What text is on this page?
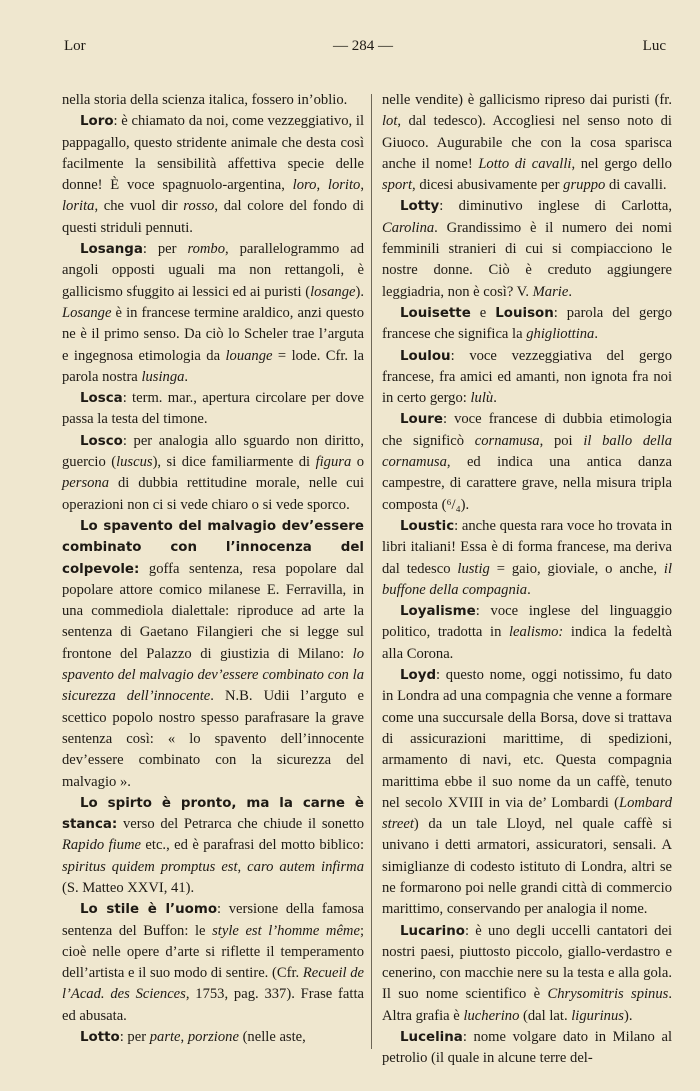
Lor	— 284 —	Luc

nella storia della scienza italica, fossero in’oblio.

Loro: è chiamato da noi, come vezzeggiativo, il pappagallo, questo stridente animale che desta così facilmente la sensibilità affettiva specie delle donne! È voce spagnuolo-argentina, loro, lorito, lorita, che vuol dir rosso, dal colore del fondo di questi striduli pennuti.

Losanga: per rombo, parallelogrammo ad angoli opposti uguali ma non rettangoli, è gallicismo sfuggito ai lessici ed ai puristi (losange). Losange è in francese termine araldico, anzi questo ne è il primo senso. Da ciò lo Scheler trae l’arguta e ingegnosa etimologia da louange = lode. Cfr. la parola nostra lusinga.

Losca: term. mar., apertura circolare per dove passa la testa del timone.

Losco: per analogia allo sguardo non diritto, guercio (luscus), si dice familiarmente di figura o persona di dubbia rettitudine morale, nelle cui operazioni non ci si vede chiaro o si vede sporco.

Lo spavento del malvagio dev’essere combinato con l’innocenza del colpevole: goffa sentenza, resa popolare dal popolare attore comico milanese E. Ferravilla, in una commediola dialettale: riproduce ad arte la sentenza di Gaetano Filangieri che si legge sul frontone del Palazzo di giustizia di Milano: lo spavento del malvagio dev’essere combinato con la sicurezza dell’innocente. N.B. Udii l’arguto e scettico popolo nostro spesso parafrasare la grave sentenza così: « lo spavento dell’innocente dev’essere combinato con la sicurezza del malvagio ».

Lo spirto è pronto, ma la carne è stanca: verso del Petrarca che chiude il sonetto Rapido fiume etc., ed è parafrasi del motto biblico: spiritus quidem promptus est, caro autem infirma (S. Matteo XXVI, 41).

Lo stile è l’uomo: versione della famosa sentenza del Buffon: le style est l’homme même; cioè nelle opere d’arte si riflette il temperamento dell’artista e il suo modo di sentire. (Cfr. Recueil de l’Acad. des Sciences, 1753, pag. 337). Frase fatta ed abusata.

Lotto: per parte, porzione (nelle aste,

nelle vendite) è gallicismo ripreso dai puristi (fr. lot, dal tedesco). Accogliesi nel senso noto di Giuoco. Augurabile che con la cosa sparisca anche il nome! Lotto di cavalli, nel gergo dello sport, dicesi abusivamente per gruppo di cavalli.

Lotty: diminutivo inglese di Carlotta, Carolina. Grandissimo è il numero dei nomi femminili stranieri di cui si compiacciono le nostre donne. Ciò è creduto aggiungere leggiadria, non è così? V. Marie.

Louisette e Louison: parola del gergo francese che significa la ghigliottina.

Loulou: voce vezzeggiativa del gergo francese, fra amici ed amanti, non ignota fra noi in certo gergo: lulù.

Loure: voce francese di dubbia etimologia che significò cornamusa, poi il ballo della cornamusa, ed indica una antica danza campestre, di carattere grave, nella misura tripla composta (⁶/₄).

Loustic: anche questa rara voce ho trovata in libri italiani! Essa è di forma francese, ma deriva dal tedesco lustig = gaio, gioviale, o anche, il buffone della compagnia.

Loyalisme: voce inglese del linguaggio politico, tradotta in lealismo: indica la fedeltà alla Corona.

Loyd: questo nome, oggi notissimo, fu dato in Londra ad una compagnia che venne a formare come una succursale della Borsa, dove si trattava di assicurazioni marittime, di spedizioni, armamento di navi, etc. Questa compagnia marittima ebbe il suo nome da un caffè, tenuto nel secolo XVIII in via de’ Lombardi (Lombard street) da un tale Lloyd, nel quale caffè si univano i detti armatori, assicuratori, sensali. A simiglianze di codesto istituto di Londra, altri se ne formarono poi nelle grandi città di commercio marittimo, conservando per analogia il nome.

Lucarino: è uno degli uccelli cantatori dei nostri paesi, piuttosto piccolo, giallo-verdastro e cenerino, con macchie nere su la testa e alla gola. Il suo nome scientifico è Chrysomitris spinus. Altra grafia è lucherino (dal lat. ligurinus).

Lucelina: nome volgare dato in Milano al petrolio (il quale in alcune terre del-
